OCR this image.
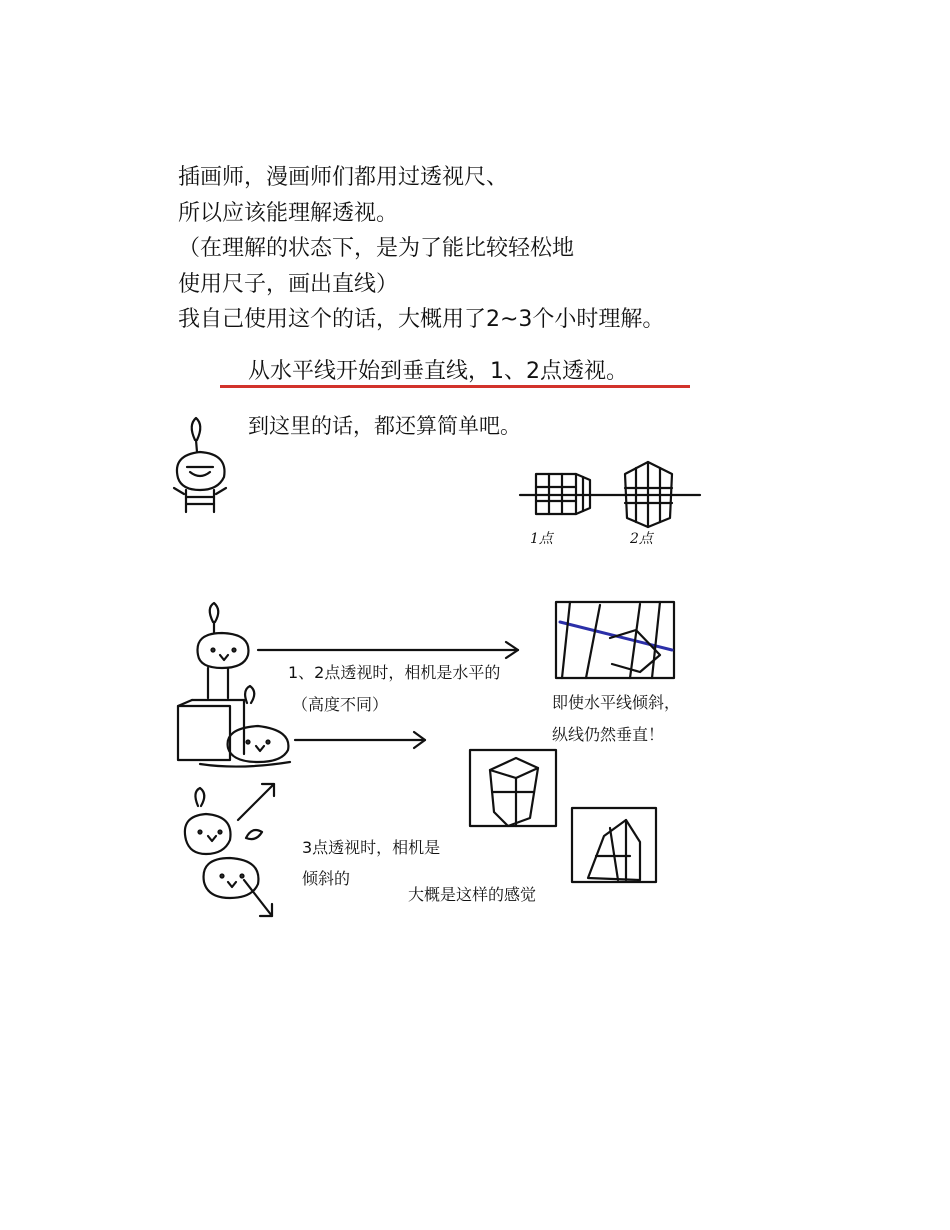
插画师，漫画师们都用过透视尺、
所以应该能理解透视。
（在理解的状态下，是为了能比较轻松地
使用尺子，画出直线）
我自己使用这个的话，大概用了2~3个小时理解。
从水平线开始到垂直线，1、2点透视。
到这里的话，都还算简单吧。
1点	2点
1、2点透视时，相机是水平的
（高度不同）	即使水平线倾斜，
纵线仍然垂直！
3点透视时，相机是
倾斜的
大概是这样的感觉
